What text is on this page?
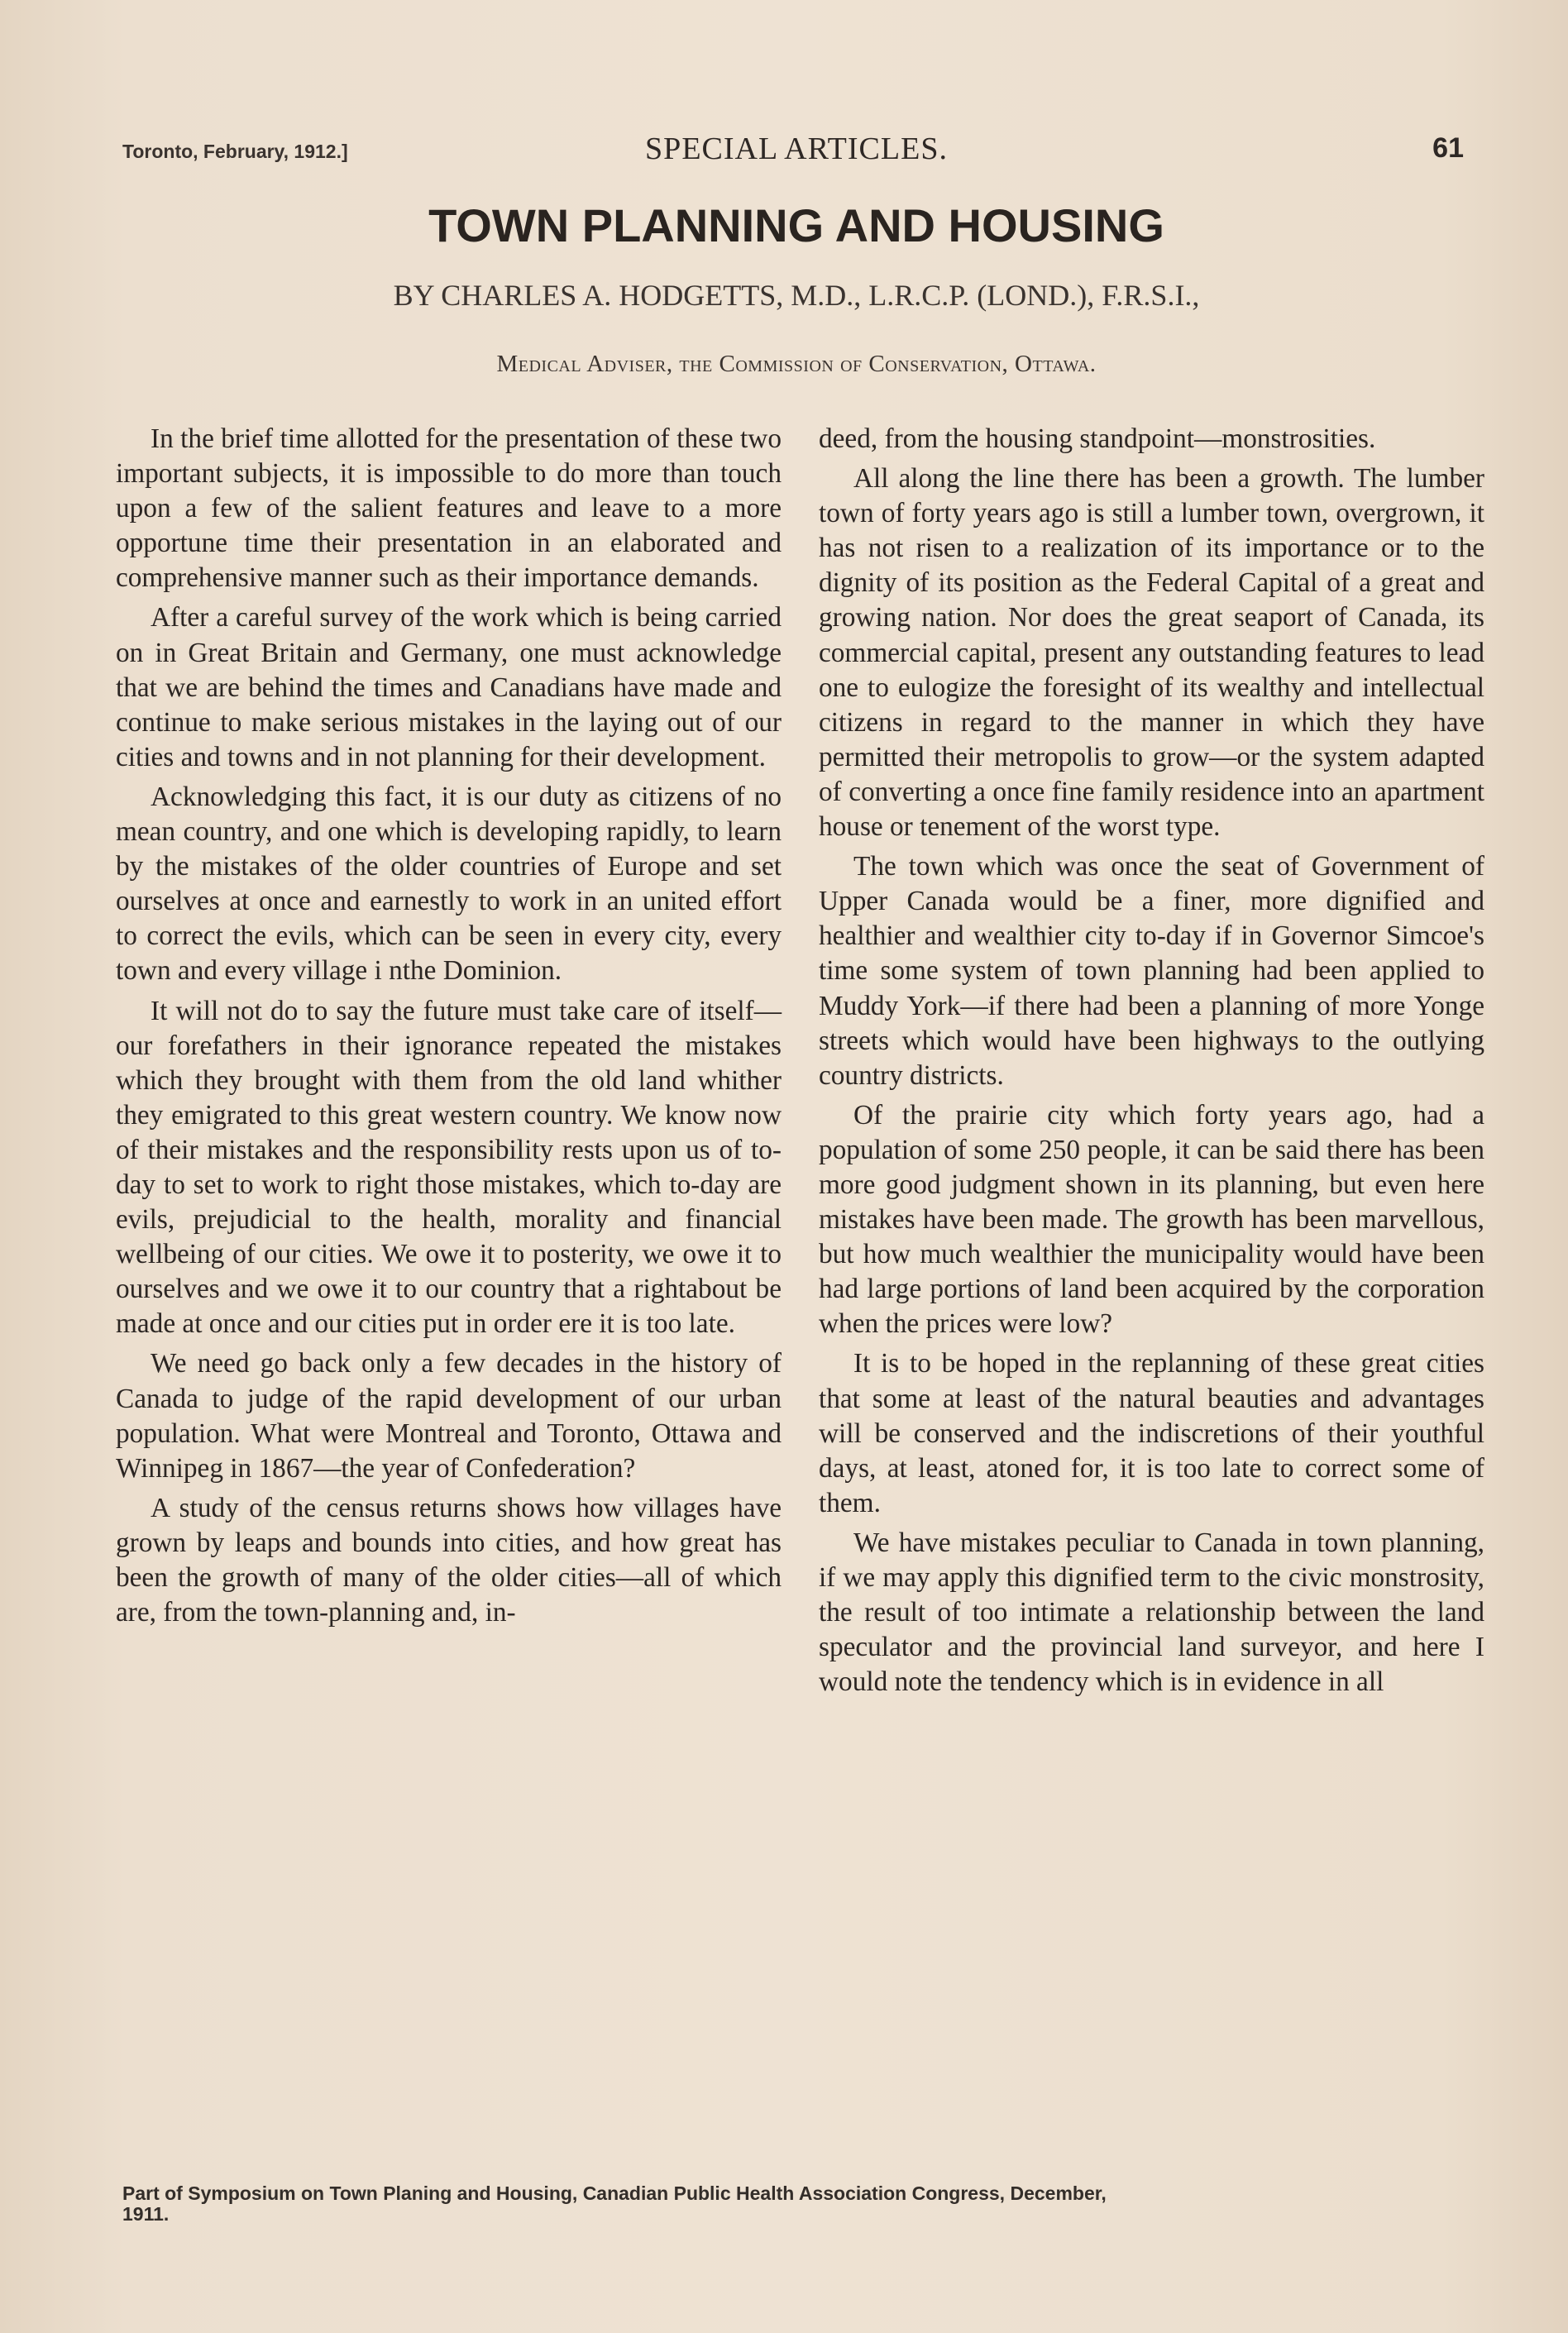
Toronto, February, 1912.]	SPECIAL ARTICLES.	61
TOWN PLANNING AND HOUSING
BY CHARLES A. HODGETTS, M.D., L.R.C.P. (LOND.), F.R.S.I.,
Medical Adviser, the Commission of Conservation, Ottawa.

In the brief time allotted for the presentation of these two important subjects, it is impossible to do more than touch upon a few of the salient features and leave to a more opportune time their presentation in an elaborated and comprehensive manner such as their importance demands.

After a careful survey of the work which is being carried on in Great Britain and Germany, one must acknowledge that we are behind the times and Canadians have made and continue to make serious mistakes in the laying out of our cities and towns and in not planning for their development.

Acknowledging this fact, it is our duty as citizens of no mean country, and one which is developing rapidly, to learn by the mistakes of the older countries of Europe and set ourselves at once and earnestly to work in an united effort to correct the evils, which can be seen in every city, every town and every village i nthe Dominion.

It will not do to say the future must take care of itself—our forefathers in their ignorance repeated the mistakes which they brought with them from the old land whither they emigrated to this great western country. We know now of their mistakes and the responsibility rests upon us of to-day to set to work to right those mistakes, which to-day are evils, prejudicial to the health, morality and financial wellbeing of our cities. We owe it to posterity, we owe it to ourselves and we owe it to our country that a rightabout be made at once and our cities put in order ere it is too late.

We need go back only a few decades in the history of Canada to judge of the rapid development of our urban population. What were Montreal and Toronto, Ottawa and Winnipeg in 1867—the year of Confederation?

A study of the census returns shows how villages have grown by leaps and bounds into cities, and how great has been the growth of many of the older cities—all of which are, from the town-planning and, in-

deed, from the housing standpoint—monstrosities.

All along the line there has been a growth. The lumber town of forty years ago is still a lumber town, overgrown, it has not risen to a realization of its importance or to the dignity of its position as the Federal Capital of a great and growing nation. Nor does the great seaport of Canada, its commercial capital, present any outstanding features to lead one to eulogize the foresight of its wealthy and intellectual citizens in regard to the manner in which they have permitted their metropolis to grow—or the system adapted of converting a once fine family residence into an apartment house or tenement of the worst type.

The town which was once the seat of Government of Upper Canada would be a finer, more dignified and healthier and wealthier city to-day if in Governor Simcoe's time some system of town planning had been applied to Muddy York—if there had been a planning of more Yonge streets which would have been highways to the outlying country districts.

Of the prairie city which forty years ago, had a population of some 250 people, it can be said there has been more good judgment shown in its planning, but even here mistakes have been made. The growth has been marvellous, but how much wealthier the municipality would have been had large portions of land been acquired by the corporation when the prices were low?

It is to be hoped in the replanning of these great cities that some at least of the natural beauties and advantages will be conserved and the indiscretions of their youthful days, at least, atoned for, it is too late to correct some of them.

We have mistakes peculiar to Canada in town planning, if we may apply this dignified term to the civic monstrosity, the result of too intimate a relationship between the land speculator and the provincial land surveyor, and here I would note the tendency which is in evidence in all

Part of Symposium on Town Planing and Housing, Canadian Public Health Association Congress, December, 1911.
